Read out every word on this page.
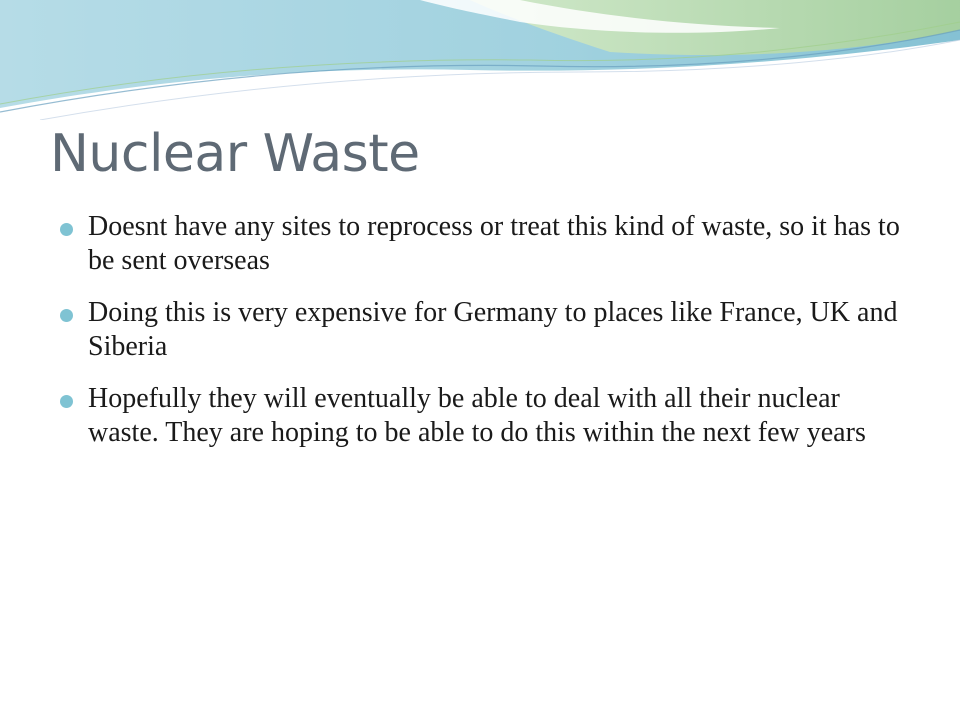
Nuclear Waste
Doesnt have any sites to reprocess or treat this kind of waste, so it has to be sent overseas
Doing this is very expensive for Germany to places like France, UK and Siberia
Hopefully they will eventually be able to deal with all their nuclear waste. They are hoping to be able to do this within the next few years
